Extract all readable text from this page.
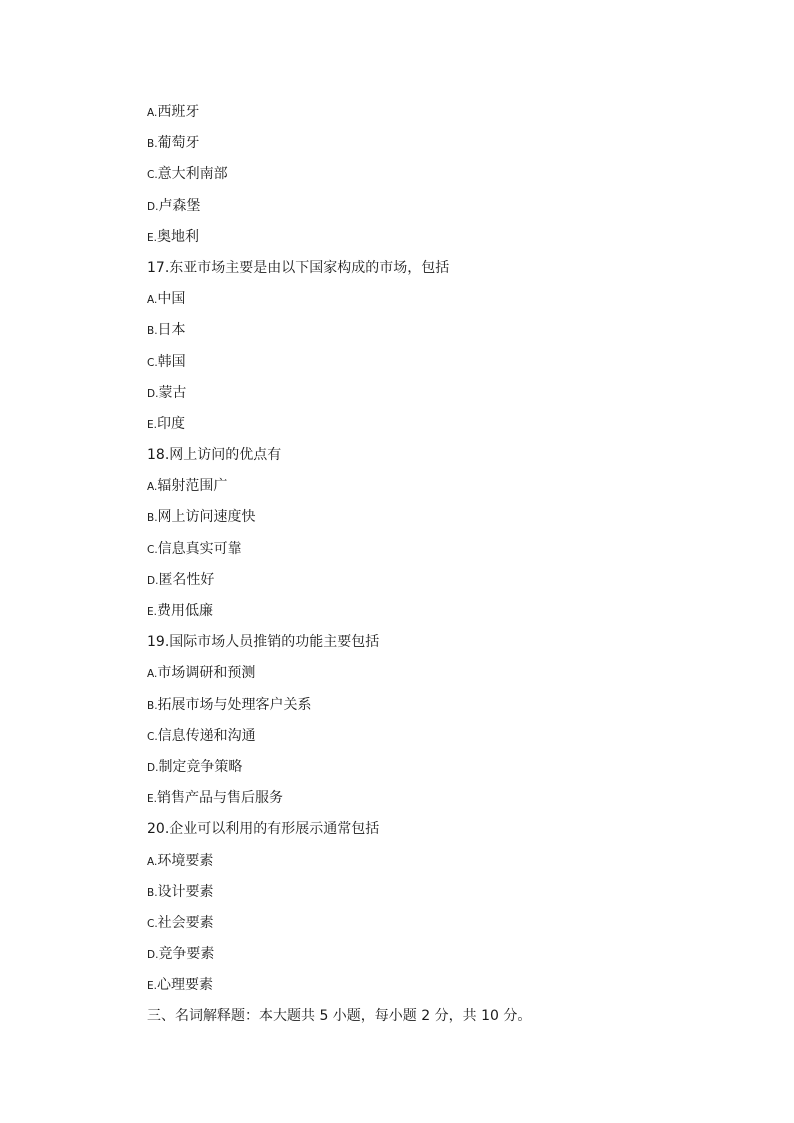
A.西班牙
B.葡萄牙
C.意大利南部
D.卢森堡
E.奥地利
17.东亚市场主要是由以下国家构成的市场，包括
A.中国
B.日本
C.韩国
D.蒙古
E.印度
18.网上访问的优点有
A.辐射范围广
B.网上访问速度快
C.信息真实可靠
D.匿名性好
E.费用低廉
19.国际市场人员推销的功能主要包括
A.市场调研和预测
B.拓展市场与处理客户关系
C.信息传递和沟通
D.制定竞争策略
E.销售产品与售后服务
20.企业可以利用的有形展示通常包括
A.环境要素
B.设计要素
C.社会要素
D.竞争要素
E.心理要素
三、名词解释题：本大题共 5 小题，每小题 2 分，共 10 分。
